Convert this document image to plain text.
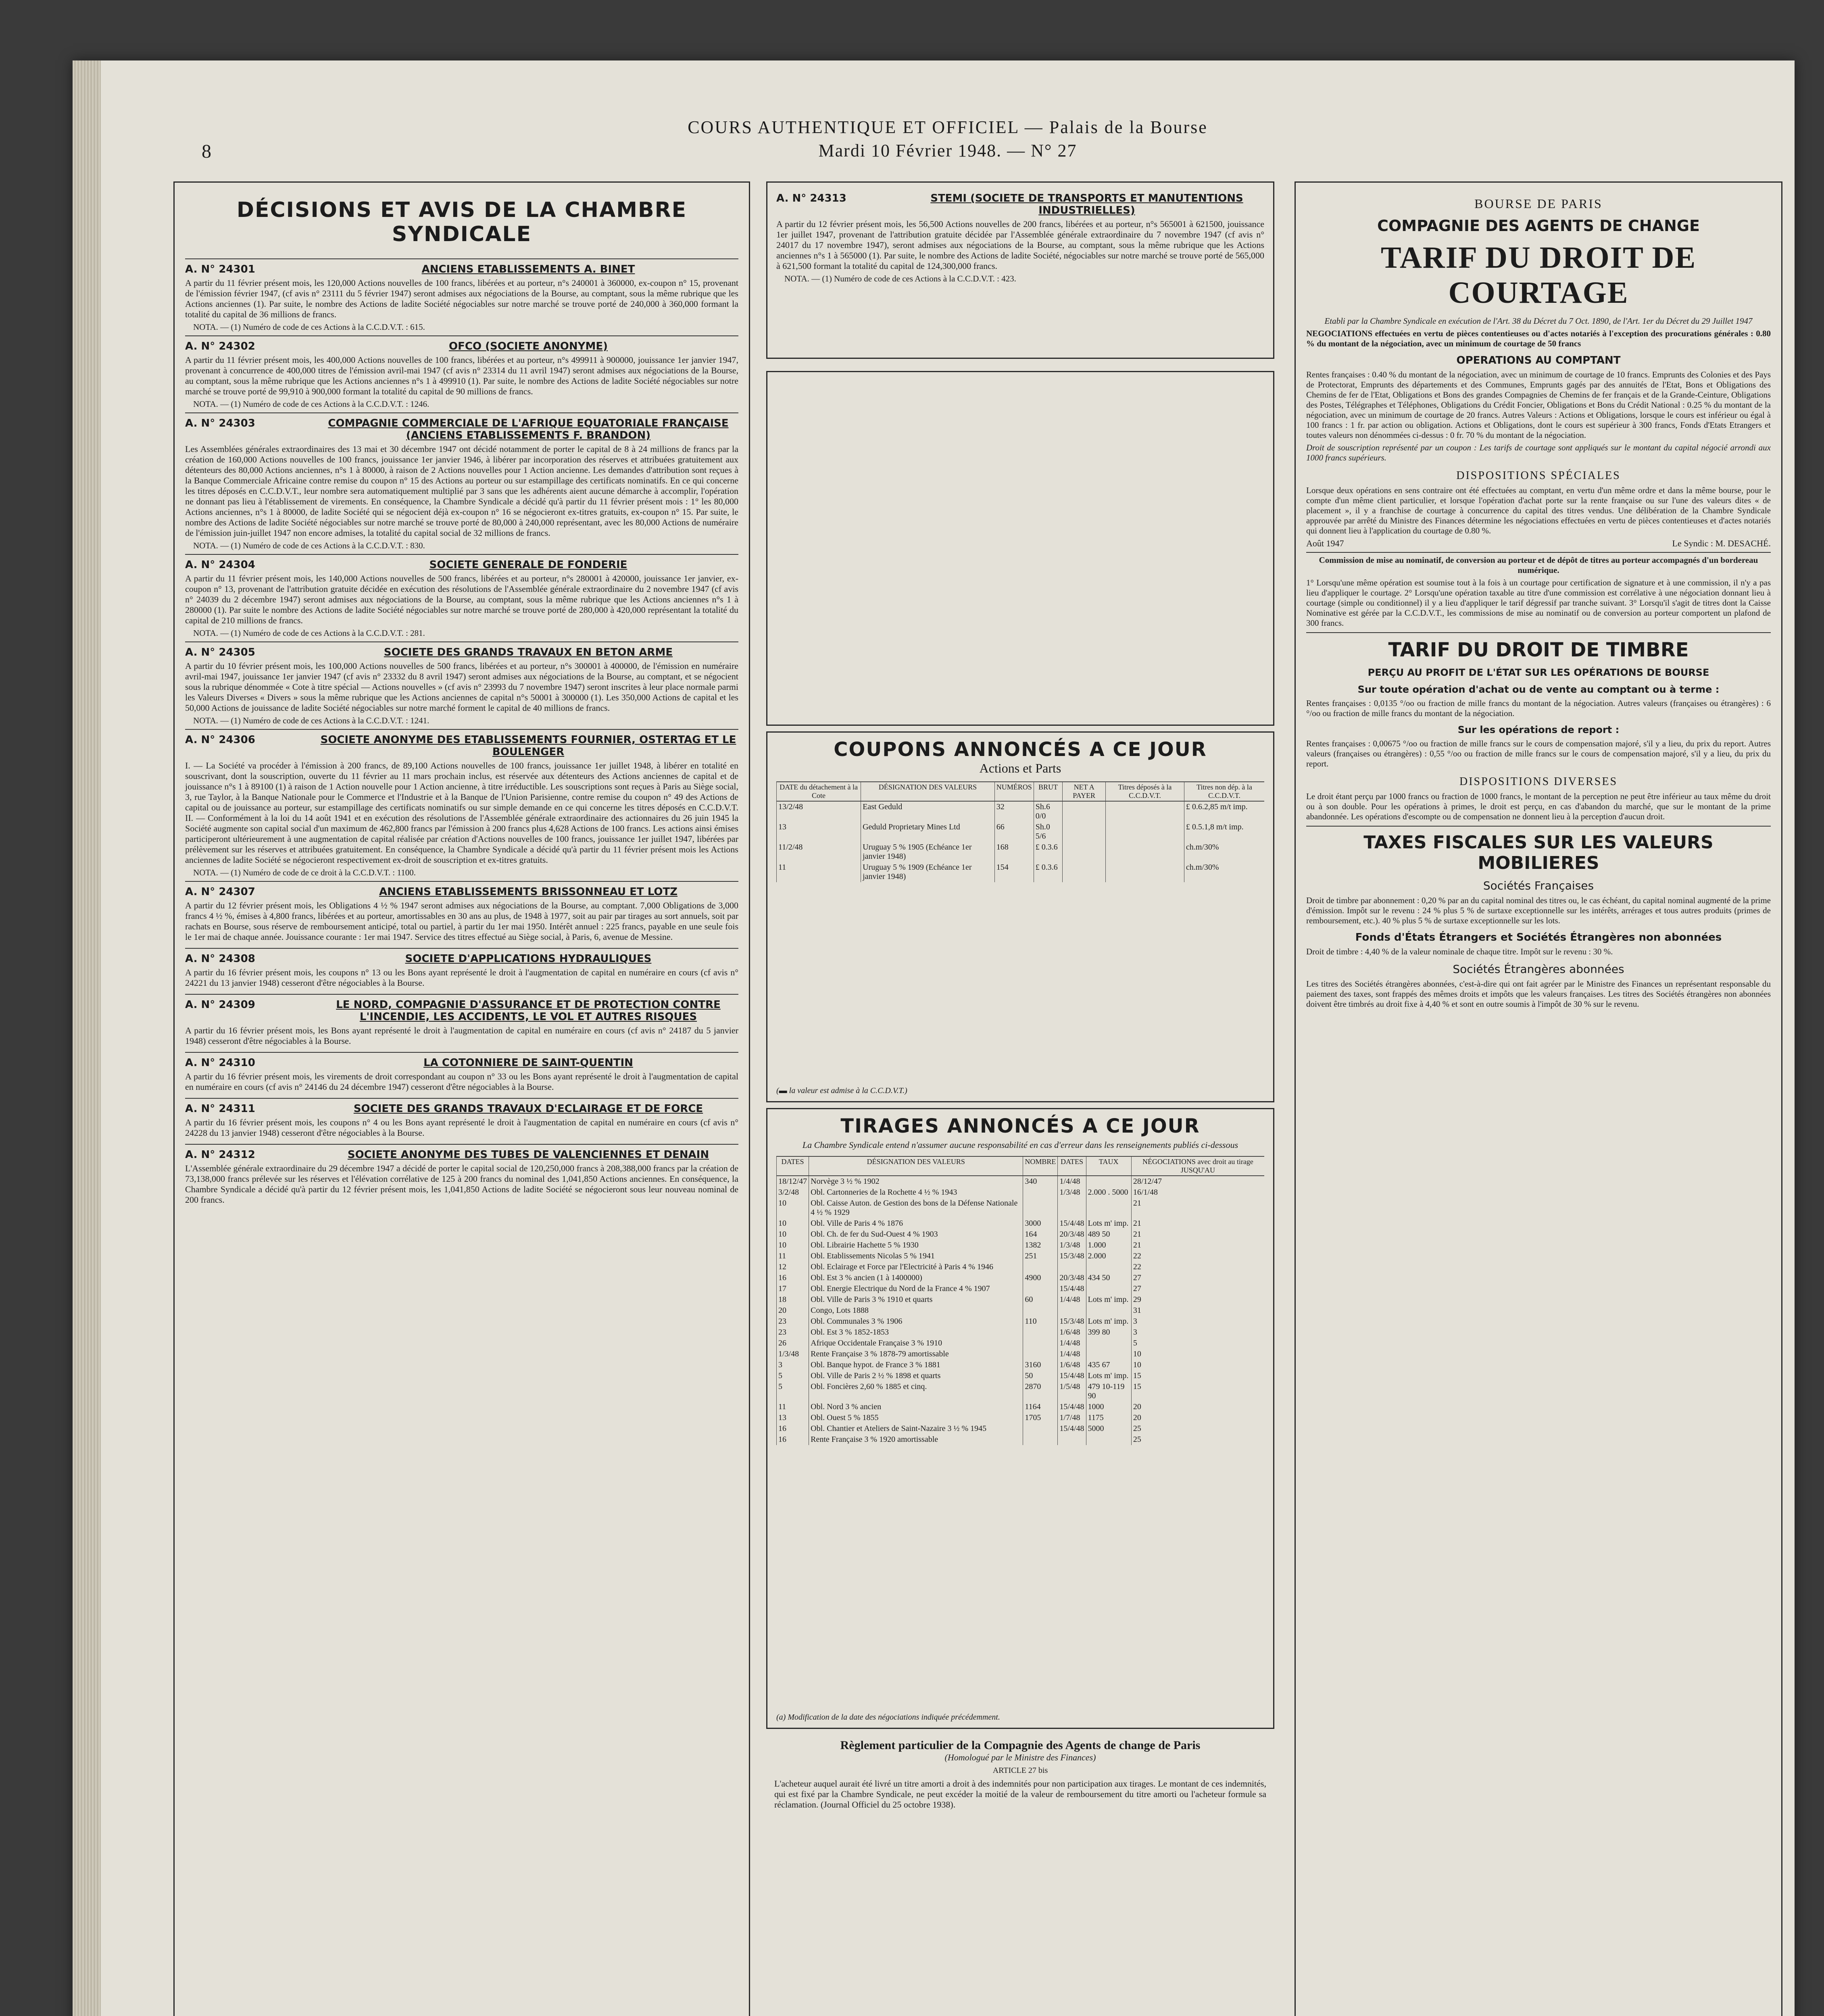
8
COURS AUTHENTIQUE ET OFFICIEL — Palais de la Bourse
Mardi 10 Février 1948. — N° 27
DÉCISIONS ET AVIS DE LA CHAMBRE SYNDICALE
A. N° 24301	ANCIENS ETABLISSEMENTS A. BINET

A partir du 11 février présent mois, les 120,000 Actions nouvelles de 100 francs, libérées et au porteur, n°s 240001 à 360000, ex-coupon n° 15, provenant de l'émission février 1947, (cf avis n° 23111 du 5 février 1947) seront admises aux négociations de la Bourse, au comptant, sous la même rubrique que les Actions anciennes (1). Par suite, le nombre des Actions de ladite Société négociables sur notre marché se trouve porté de 240,000 à 360,000 formant la totalité du capital de 36 millions de francs.

NOTA. — (1) Numéro de code de ces Actions à la C.C.D.V.T. : 615.
A. N° 24302	OFCO (SOCIETE ANONYME)

A partir du 11 février présent mois, les 400,000 Actions nouvelles de 100 francs, libérées et au porteur, n°s 499911 à 900000, jouissance 1er janvier 1947, provenant à concurrence de 400,000 titres de l'émission avril-mai 1947 (cf avis n° 23314 du 11 avril 1947) seront admises aux négociations de la Bourse, au comptant, sous la même rubrique que les Actions anciennes n°s 1 à 499910 (1). Par suite, le nombre des Actions de ladite Société négociables sur notre marché se trouve porté de 99,910 à 900,000 formant la totalité du capital de 90 millions de francs.

NOTA. — (1) Numéro de code de ces Actions à la C.C.D.V.T. : 1246.
A. N° 24303	COMPAGNIE COMMERCIALE DE L'AFRIQUE EQUATORIALE FRANÇAISE (ANCIENS ETABLISSEMENTS F. BRANDON)

Les Assemblées générales extraordinaires des 13 mai et 30 décembre 1947 ont décidé notamment de porter le capital de 8 à 24 millions de francs par la création de 160,000 Actions nouvelles de 100 francs, jouissance 1er janvier 1946, à libérer par incorporation des réserves et attribuées gratuitement aux détenteurs des 80,000 Actions anciennes, n°s 1 à 80000, à raison de 2 Actions nouvelles pour 1 Action ancienne. Les demandes d'attribution sont reçues à la Banque Commerciale Africaine contre remise du coupon n° 15 des Actions au porteur ou sur estampillage des certificats nominatifs. En ce qui concerne les titres déposés en C.C.D.V.T., leur nombre sera automatiquement multiplié par 3 sans que les adhérents aient aucune démarche à accomplir, l'opération ne donnant pas lieu à l'établissement de virements. En conséquence, la Chambre Syndicale a décidé qu'à partir du 11 février présent mois : 1° les 80,000 Actions anciennes, n°s 1 à 80000, de ladite Société qui se négocient déjà ex-coupon n° 16 se négocieront ex-titres gratuits, ex-coupon n° 15. Par suite, le nombre des Actions de ladite Société négociables sur notre marché se trouve porté de 80,000 à 240,000 représentant, avec les 80,000 Actions de numéraire de l'émission juin-juillet 1947 non encore admises, la totalité du capital social de 32 millions de francs.

NOTA. — (1) Numéro de code de ces Actions à la C.C.D.V.T. : 830.
A. N° 24304	SOCIETE GENERALE DE FONDERIE

A partir du 11 février présent mois, les 140,000 Actions nouvelles de 500 francs, libérées et au porteur, n°s 280001 à 420000, jouissance 1er janvier, ex-coupon n° 13, provenant de l'attribution gratuite décidée en exécution des résolutions de l'Assemblée générale extraordinaire du 2 novembre 1947 (cf avis n° 24039 du 2 décembre 1947) seront admises aux négociations de la Bourse, au comptant, sous la même rubrique que les Actions anciennes n°s 1 à 280000 (1). Par suite le nombre des Actions de ladite Société négociables sur notre marché se trouve porté de 280,000 à 420,000 représentant la totalité du capital de 210 millions de francs.

NOTA. — (1) Numéro de code de ces Actions à la C.C.D.V.T. : 281.
A. N° 24305	SOCIETE DES GRANDS TRAVAUX EN BETON ARME

A partir du 10 février présent mois, les 100,000 Actions nouvelles de 500 francs, libérées et au porteur, n°s 300001 à 400000, de l'émission en numéraire avril-mai 1947, jouissance 1er janvier 1947 (cf avis n° 23332 du 8 avril 1947) seront admises aux négociations de la Bourse, au comptant, et se négocient sous la rubrique dénommée « Cote à titre spécial — Actions nouvelles » (cf avis n° 23993 du 7 novembre 1947) seront inscrites à leur place normale parmi les Valeurs Diverses « Divers » sous la même rubrique que les Actions anciennes de capital n°s 50001 à 300000 (1). Les 350,000 Actions de capital et les 50,000 Actions de jouissance de ladite Société négociables sur notre marché forment le capital de 40 millions de francs.

NOTA. — (1) Numéro de code de ces Actions à la C.C.D.V.T. : 1241.
A. N° 24306	SOCIETE ANONYME DES ETABLISSEMENTS FOURNIER, OSTERTAG ET LE BOULENGER

I. — La Société va procéder à l'émission à 200 francs, de 89,100 Actions nouvelles de 100 francs, jouissance 1er juillet 1948, à libérer en totalité en souscrivant, dont la souscription, ouverte du 11 février au 11 mars prochain inclus, est réservée aux détenteurs des Actions anciennes de capital et de jouissance n°s 1 à 89100 (1) à raison de 1 Action nouvelle pour 1 Action ancienne, à titre irréductible. Les souscriptions sont reçues à Paris au Siège social, 3, rue Taylor, à la Banque Nationale pour le Commerce et l'Industrie et à la Banque de l'Union Parisienne, contre remise du coupon n° 49 des Actions de capital ou de jouissance au porteur, sur estampillage des certificats nominatifs ou sur simple demande en ce qui concerne les titres déposés en C.C.D.V.T. II. — Conformément à la loi du 14 août 1941 et en exécution des résolutions de l'Assemblée générale extraordinaire des actionnaires du 26 juin 1945 la Société augmente son capital social d'un maximum de 462,800 francs par l'émission à 200 francs plus 4,628 Actions de 100 francs. Les actions ainsi émises participeront ultérieurement à une augmentation de capital réalisée par création d'Actions nouvelles de 100 francs, jouissance 1er juillet 1947, libérées par prélèvement sur les réserves et attribuées gratuitement. En conséquence, la Chambre Syndicale a décidé qu'à partir du 11 février présent mois les Actions anciennes de ladite Société se négocieront respectivement ex-droit de souscription et ex-titres gratuits.

NOTA. — (1) Numéro de code de ce droit à la C.C.D.V.T. : 1100.
A. N° 24307	ANCIENS ETABLISSEMENTS BRISSONNEAU ET LOTZ

A partir du 12 février présent mois, les Obligations 4 ½ % 1947 seront admises aux négociations de la Bourse, au comptant. 7,000 Obligations de 3,000 francs 4 ½ %, émises à 4,800 francs, libérées et au porteur, amortissables en 30 ans au plus, de 1948 à 1977, soit au pair par tirages au sort annuels, soit par rachats en Bourse, sous réserve de remboursement anticipé, total ou partiel, à partir du 1er mai 1950. Intérêt annuel : 225 francs, payable en une seule fois le 1er mai de chaque année. Jouissance courante : 1er mai 1947. Service des titres effectué au Siège social, à Paris, 6, avenue de Messine.

A. N° 24308	SOCIETE D'APPLICATIONS HYDRAULIQUES

A partir du 16 février présent mois, les coupons n° 13 ou les Bons ayant représenté le droit à l'augmentation de capital en numéraire en cours (cf avis n° 24221 du 13 janvier 1948) cesseront d'être négociables à la Bourse.

A. N° 24309	LE NORD, COMPAGNIE D'ASSURANCE ET DE PROTECTION CONTRE L'INCENDIE, LES ACCIDENTS, LE VOL ET AUTRES RISQUES

A partir du 16 février présent mois, les Bons ayant représenté le droit à l'augmentation de capital en numéraire en cours (cf avis n° 24187 du 5 janvier 1948) cesseront d'être négociables à la Bourse.

A. N° 24310	LA COTONNIERE DE SAINT-QUENTIN

A partir du 16 février présent mois, les virements de droit correspondant au coupon n° 33 ou les Bons ayant représenté le droit à l'augmentation de capital en numéraire en cours (cf avis n° 24146 du 24 décembre 1947) cesseront d'être négociables à la Bourse.

A. N° 24311	SOCIETE DES GRANDS TRAVAUX D'ECLAIRAGE ET DE FORCE

A partir du 16 février présent mois, les coupons n° 4 ou les Bons ayant représenté le droit à l'augmentation de capital en numéraire en cours (cf avis n° 24228 du 13 janvier 1948) cesseront d'être négociables à la Bourse.

A. N° 24312	SOCIETE ANONYME DES TUBES DE VALENCIENNES ET DENAIN

L'Assemblée générale extraordinaire du 29 décembre 1947 a décidé de porter le capital social de 120,250,000 francs à 208,388,000 francs par la création de 73,138,000 francs prélevée sur les réserves et l'élévation corrélative de 125 à 200 francs du nominal des 1,041,850 Actions anciennes. En conséquence, la Chambre Syndicale a décidé qu'à partir du 12 février présent mois, les 1,041,850 Actions de ladite Société se négocieront sous leur nouveau nominal de 200 francs.

A. N° 24313	STEMI (SOCIETE DE TRANSPORTS ET MANUTENTIONS INDUSTRIELLES)

A partir du 12 février présent mois, les 56,500 Actions nouvelles de 200 francs, libérées et au porteur, n°s 565001 à 621500, jouissance 1er juillet 1947, provenant de l'attribution gratuite décidée par l'Assemblée générale extraordinaire du 7 novembre 1947 (cf avis n° 24017 du 17 novembre 1947), seront admises aux négociations de la Bourse, au comptant, sous la même rubrique que les Actions anciennes n°s 1 à 565000 (1). Par suite, le nombre des Actions de ladite Société, négociables sur notre marché se trouve porté de 565,000 à 621,500 formant la totalité du capital de 124,300,000 francs.

NOTA. — (1) Numéro de code de ces Actions à la C.C.D.V.T. : 423.
COUPONS ANNONCÉS A CE JOUR
Actions et Parts
DATE du détachement à la Cote	DÉSIGNATION DES VALEURS	NUMÉROS	BRUT	NET A PAYER	Titres déposés à la C.C.D.V.T.	Titres non dép. à la C.C.D.V.T.
13/2/48	East Geduld	32	Sh.6 0/0			£ 0.6.2,85 m/t imp.
13	Geduld Proprietary Mines Ltd	66	Sh.0 5/6			£ 0.5.1,8 m/t imp.
11/2/48	Uruguay 5 % 1905 (Echéance 1er janvier 1948)	168	£ 0.3.6			ch.m/30%
11	Uruguay 5 % 1909 (Echéance 1er janvier 1948)	154	£ 0.3.6			ch.m/30%
(▬ la valeur est admise à la C.C.D.V.T.)
TIRAGES ANNONCÉS A CE JOUR
La Chambre Syndicale entend n'assumer aucune responsabilité en cas d'erreur dans les renseignements publiés ci-dessous
DATES	DÉSIGNATION DES VALEURS	NOMBRE	DATES	TAUX	NÉGOCIATIONS avec droit au tirage JUSQU'AU
18/12/47	Norvège 3 ½ % 1902	340	1/4/48		28/12/47
3/2/48	Obl. Cartonneries de la Rochette 4 ½ % 1943		1/3/48	2.000 . 5000	16/1/48
10	Obl. Caisse Auton. de Gestion des bons de la Défense Nationale 4 ½ % 1929				21
10	Obl. Ville de Paris 4 % 1876	3000	15/4/48	Lots m' imp.	21
10	Obl. Ch. de fer du Sud-Ouest 4 % 1903	164	20/3/48	489 50	21
10	Obl. Librairie Hachette 5 % 1930	1382	1/3/48	1.000	21
11	Obl. Etablissements Nicolas 5 % 1941	251	15/3/48	2.000	22
12	Obl. Eclairage et Force par l'Electricité à Paris 4 % 1946				22
16	Obl. Est 3 % ancien (1 à 1400000)	4900	20/3/48	434 50	27
17	Obl. Energie Electrique du Nord de la France 4 % 1907		15/4/48		27
18	Obl. Ville de Paris 3 % 1910 et quarts	60	1/4/48	Lots m' imp.	29
20	Congo, Lots 1888				31
23	Obl. Communales 3 % 1906	110	15/3/48	Lots m' imp.	3
23	Obl. Est 3 % 1852-1853		1/6/48	399 80	3
26	Afrique Occidentale Française 3 % 1910		1/4/48		5
1/3/48	Rente Française 3 % 1878-79 amortissable		1/4/48		10
3	Obl. Banque hypot. de France 3 % 1881	3160	1/6/48	435 67	10
5	Obl. Ville de Paris 2 ½ % 1898 et quarts	50	15/4/48	Lots m' imp.	15
5	Obl. Foncières 2,60 % 1885 et cinq.	2870	1/5/48	479 10-119 90	15
11	Obl. Nord 3 % ancien	1164	15/4/48	1000	20
13	Obl. Ouest 5 % 1855	1705	1/7/48	1175	20
16	Obl. Chantier et Ateliers de Saint-Nazaire 3 ½ % 1945		15/4/48	5000	25
16	Rente Française 3 % 1920 amortissable				25
(a) Modification de la date des négociations indiquée précédemment.
Règlement particulier de la Compagnie des Agents de change de Paris
(Homologué par le Ministre des Finances)
ARTICLE 27 bis

L'acheteur auquel aurait été livré un titre amorti a droit à des indemnités pour non participation aux tirages. Le montant de ces indemnités, qui est fixé par la Chambre Syndicale, ne peut excéder la moitié de la valeur de remboursement du titre amorti ou l'acheteur formule sa réclamation. (Journal Officiel du 25 octobre 1938).

BOURSE DE PARIS
COMPAGNIE DES AGENTS DE CHANGE
TARIF DU DROIT DE COURTAGE

Etabli par la Chambre Syndicale en exécution de l'Art. 38 du Décret du 7 Oct. 1890, de l'Art. 1er du Décret du 29 Juillet 1947

NEGOCIATIONS effectuées en vertu de pièces contentieuses ou d'actes notariés à l'exception des procurations générales : 0.80 % du montant de la négociation, avec un minimum de courtage de 50 francs

OPERATIONS AU COMPTANT

Rentes françaises : 0.40 % du montant de la négociation, avec un minimum de courtage de 10 francs. Emprunts des Colonies et des Pays de Protectorat, Emprunts des départements et des Communes, Emprunts gagés par des annuités de l'Etat, Bons et Obligations des Chemins de fer de l'Etat, Obligations et Bons des grandes Compagnies de Chemins de fer français et de la Grande-Ceinture, Obligations des Postes, Télégraphes et Téléphones, Obligations du Crédit Foncier, Obligations et Bons du Crédit National : 0.25 % du montant de la négociation, avec un minimum de courtage de 20 francs. Autres Valeurs : Actions et Obligations, lorsque le cours est inférieur ou égal à 100 francs : 1 fr. par action ou obligation. Actions et Obligations, dont le cours est supérieur à 300 francs, Fonds d'Etats Etrangers et toutes valeurs non dénommées ci-dessus : 0 fr. 70 % du montant de la négociation.

Droit de souscription représenté par un coupon : Les tarifs de courtage sont appliqués sur le montant du capital négocié arrondi aux 1000 francs supérieurs.

DISPOSITIONS SPÉCIALES

Lorsque deux opérations en sens contraire ont été effectuées au comptant, en vertu d'un même ordre et dans la même bourse, pour le compte d'un même client particulier, et lorsque l'opération d'achat porte sur la rente française ou sur l'une des valeurs dites « de placement », il y a franchise de courtage à concurrence du capital des titres vendus. Une délibération de la Chambre Syndicale approuvée par arrêté du Ministre des Finances détermine les négociations effectuées en vertu de pièces contentieuses et d'actes notariés qui donnent lieu à l'application du courtage de 0.80 %.

Août 1947	Le Syndic : M. DESACHÉ.

Commission de mise au nominatif, de conversion au porteur et de dépôt de titres au porteur accompagnés d'un bordereau numérique.

1° Lorsqu'une même opération est soumise tout à la fois à un courtage pour certification de signature et à une commission, il n'y a pas lieu d'appliquer le courtage. 2° Lorsqu'une opération taxable au titre d'une commission est corrélative à une négociation donnant lieu à courtage (simple ou conditionnel) il y a lieu d'appliquer le tarif dégressif par tranche suivant. 3° Lorsqu'il s'agit de titres dont la Caisse Nominative est gérée par la C.C.D.V.T., les commissions de mise au nominatif ou de conversion au porteur comportent un plafond de 300 francs.

TARIF DU DROIT DE TIMBRE
PERÇU AU PROFIT DE L'ÉTAT SUR LES OPÉRATIONS DE BOURSE
Sur toute opération d'achat ou de vente au comptant ou à terme :

Rentes françaises : 0,0135 °/oo ou fraction de mille francs du montant de la négociation. Autres valeurs (françaises ou étrangères) : 6 °/oo ou fraction de mille francs du montant de la négociation.

Sur les opérations de report :

Rentes françaises : 0,00675 °/oo ou fraction de mille francs sur le cours de compensation majoré, s'il y a lieu, du prix du report. Autres valeurs (françaises ou étrangères) : 0,55 °/oo ou fraction de mille francs sur le cours de compensation majoré, s'il y a lieu, du prix du report.

DISPOSITIONS DIVERSES

Le droit étant perçu par 1000 francs ou fraction de 1000 francs, le montant de la perception ne peut être inférieur au taux même du droit ou à son double. Pour les opérations à primes, le droit est perçu, en cas d'abandon du marché, que sur le montant de la prime abandonnée. Les opérations d'escompte ou de compensation ne donnent lieu à la perception d'aucun droit.

TAXES FISCALES SUR LES VALEURS MOBILIERES
Sociétés Françaises

Droit de timbre par abonnement : 0,20 % par an du capital nominal des titres ou, le cas échéant, du capital nominal augmenté de la prime d'émission. Impôt sur le revenu : 24 % plus 5 % de surtaxe exceptionnelle sur les intérêts, arrérages et tous autres produits (primes de remboursement, etc.). 40 % plus 5 % de surtaxe exceptionnelle sur les lots.

Fonds d'États Étrangers et Sociétés Étrangères non abonnées

Droit de timbre : 4,40 % de la valeur nominale de chaque titre. Impôt sur le revenu : 30 %.

Sociétés Étrangères abonnées

Les titres des Sociétés étrangères abonnées, c'est-à-dire qui ont fait agréer par le Ministre des Finances un représentant responsable du paiement des taxes, sont frappés des mêmes droits et impôts que les valeurs françaises. Les titres des Sociétés étrangères non abonnées doivent être timbrés au droit fixe à 4,40 % et sont en outre soumis à l'impôt de 30 % sur le revenu.
